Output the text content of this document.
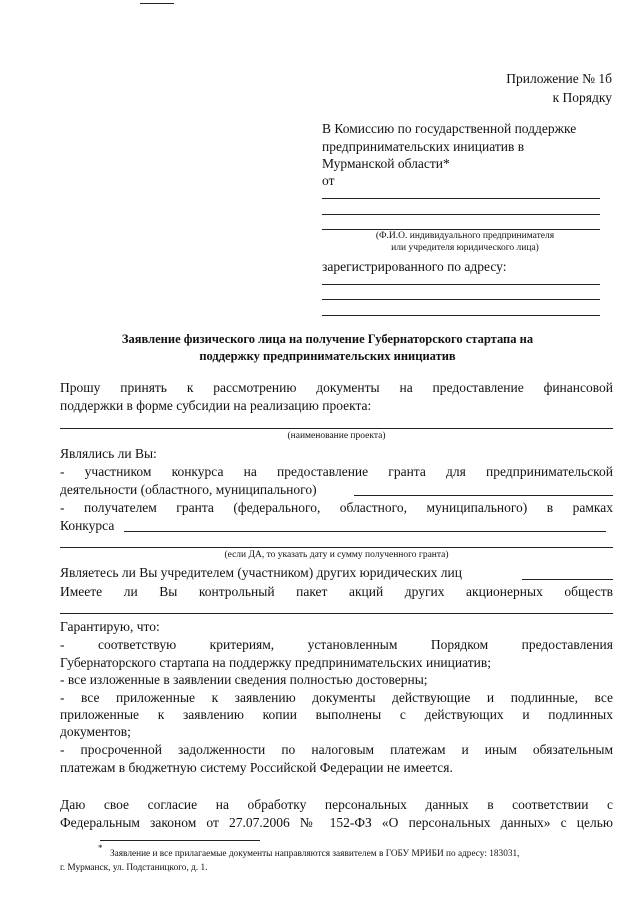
Приложение № 1б
к Порядку
В Комиссию по государственной поддержке
предпринимательских инициатив в
Мурманской области*
от
(Ф.И.О. индивидуального предпринимателя
или учредителя юридического лица)
зарегистрированного по адресу:
Заявление физического лица на получение Губернаторского стартапа на
поддержку предпринимательских инициатив
Прошу принять к рассмотрению документы на предоставление финансовой
поддержки в форме субсидии на реализацию проекта:
(наименование проекта)
Являлись ли Вы:
- участником конкурса на предоставление гранта для предпринимательской
деятельности (областного, муниципального)
- получателем гранта (федерального, областного, муниципального) в рамках
Конкурса
(если ДА, то указать дату и сумму полученного гранта)
Являетесь ли Вы учредителем (участником) других юридических лиц
Имеете ли Вы контрольный пакет акций других акционерных обществ
Гарантирую, что:
- соответствую критериям, установленным Порядком предоставления
Губернаторского стартапа на поддержку предпринимательских инициатив;
- все изложенные в заявлении сведения полностью достоверны;
- все приложенные к заявлению документы действующие и подлинные, все
приложенные к заявлению копии выполнены с действующих и подлинных
документов;
- просроченной задолженности по налоговым платежам и иным обязательным
платежам в бюджетную систему Российской Федерации не имеется.
Даю свое согласие на обработку персональных данных в соответствии с
Федеральным законом от 27.07.2006 № 152-ФЗ «О персональных данных» с целью
*
Заявление и все прилагаемые документы направляются заявителем в ГОБУ МРИБИ по адресу: 183031,
г. Мурманск, ул. Подстаницкого, д. 1.
